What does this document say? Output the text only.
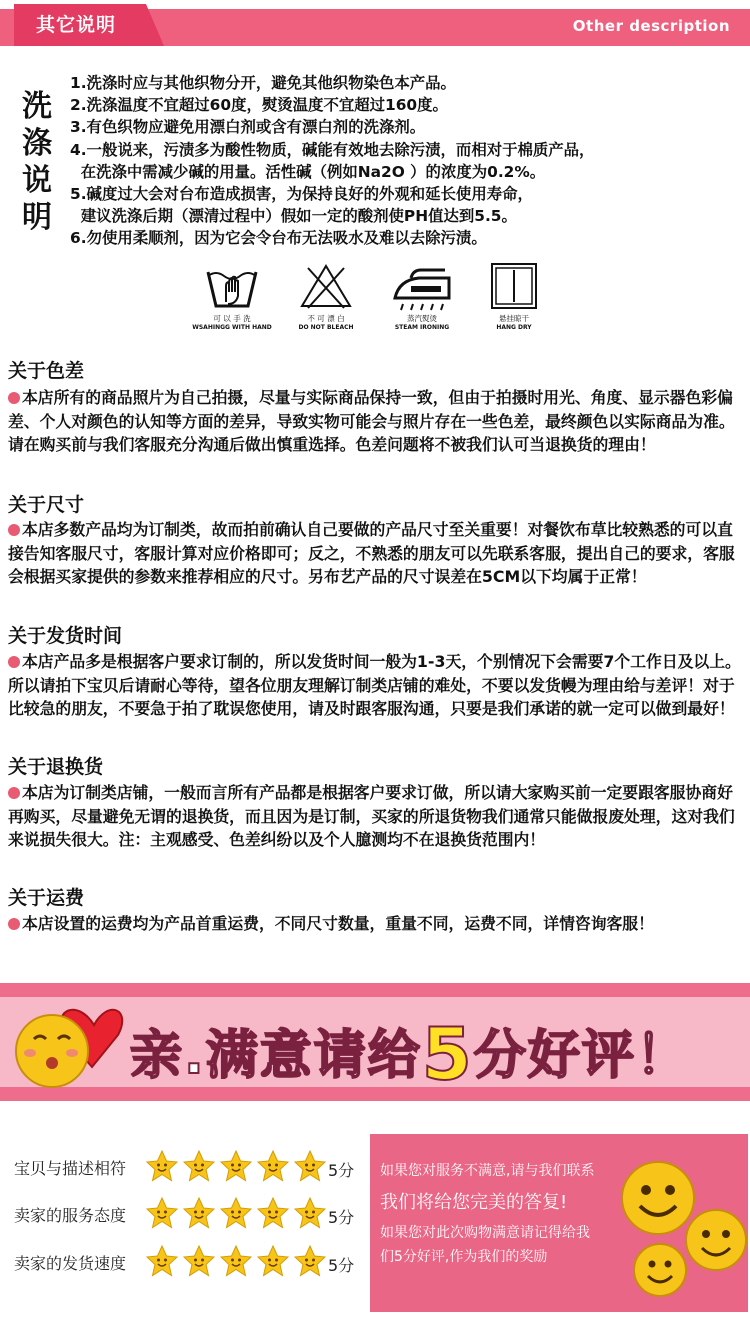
其它说明	Other description
洗
涤
说
明
1.洗涤时应与其他织物分开，避免其他织物染色本产品。
2.洗涤温度不宜超过60度，熨烫温度不宜超过160度。
3.有色织物应避免用漂白剂或含有漂白剂的洗涤剂。
4.一般说来，污渍多为酸性物质，碱能有效地去除污渍，而相对于棉质产品，
在洗涤中需减少碱的用量。活性碱（例如Na2O ）的浓度为0.2%。
5.碱度过大会对台布造成损害，为保持良好的外观和延长使用寿命，
建议洗涤后期（漂清过程中）假如一定的酸剂使PH值达到5.5。
6.勿使用柔顺剂，因为它会令台布无法吸水及难以去除污渍。
可 以 手 洗
WSAHINGG WITH HAND
不 可 漂 白
DO NOT BLEACH
蒸汽熨烫
STEAM IRONING
悬挂晾干
HANG DRY
关于色差
本店所有的商品照片为自己拍摄，尽量与实际商品保持一致，但由于拍摄时用光、角度、显示器色彩偏差、个人对颜色的认知等方面的差异，导致实物可能会与照片存在一些色差，最终颜色以实际商品为准。请在购买前与我们客服充分沟通后做出慎重选择。色差问题将不被我们认可当退换货的理由！
关于尺寸
本店多数产品均为订制类，故而拍前确认自己要做的产品尺寸至关重要！对餐饮布草比较熟悉的可以直接告知客服尺寸，客服计算对应价格即可；反之，不熟悉的朋友可以先联系客服，提出自己的要求，客服会根据买家提供的参数来推荐相应的尺寸。另布艺产品的尺寸误差在5CM以下均属于正常！
关于发货时间
本店产品多是根据客户要求订制的，所以发货时间一般为1-3天，个别情况下会需要7个工作日及以上。所以请拍下宝贝后请耐心等待，望各位朋友理解订制类店铺的难处，不要以发货幔为理由给与差评！对于比较急的朋友，不要急于拍了耽误您使用，请及时跟客服沟通，只要是我们承诺的就一定可以做到最好！
关于退换货
本店为订制类店铺，一般而言所有产品都是根据客户要求订做，所以请大家购买前一定要跟客服协商好再购买，尽量避免无谓的退换货，而且因为是订制，买家的所退货物我们通常只能做报废处理，这对我们来说损失很大。注：主观感受、色差纠纷以及个人臆测均不在退换货范围内！
关于运费
本店设置的运费均为产品首重运费，不同尺寸数量，重量不同，运费不同，详情咨询客服！
亲.满意请给5分好评！
宝贝与描述相符	5分
卖家的服务态度	5分
卖家的发货速度	5分
如果您对服务不满意,请与我们联系
我们将给您完美的答复!
如果您对此次购物满意请记得给我
们5分好评,作为我们的奖励
